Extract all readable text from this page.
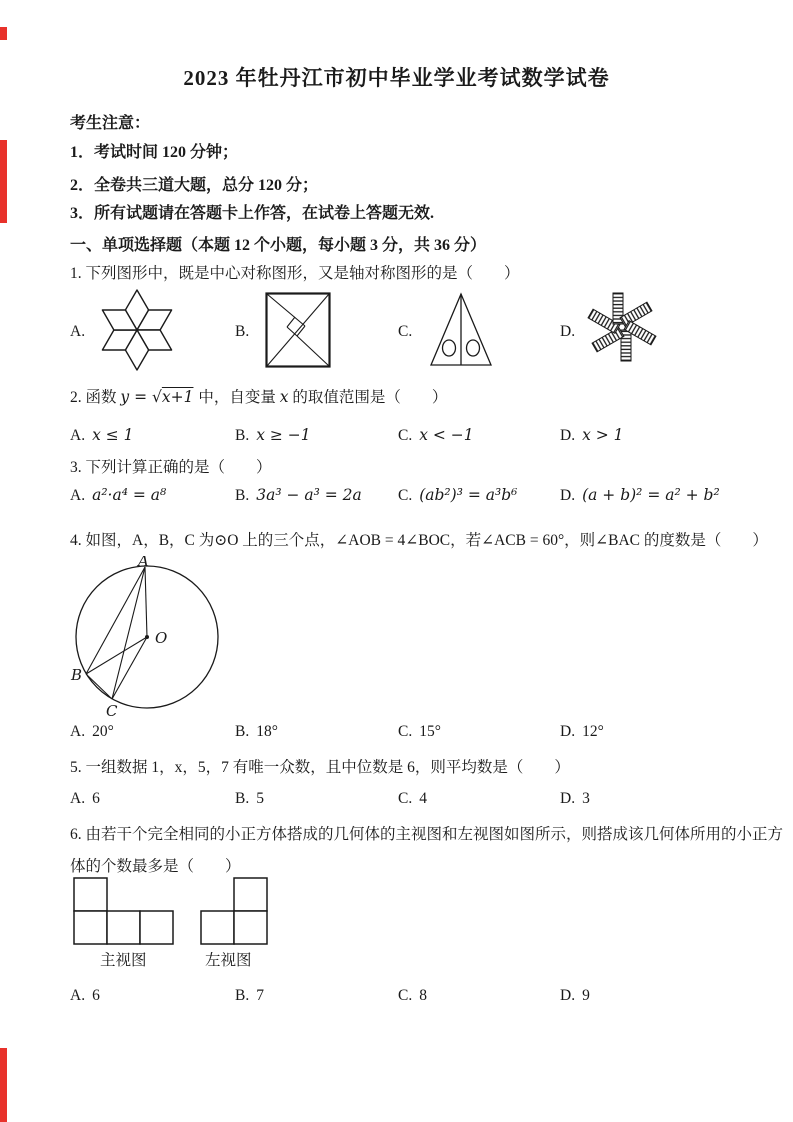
2023 年牡丹江市初中毕业学业考试数学试卷
考生注意：
1．考试时间 120 分钟；
2．全卷共三道大题，总分 120 分；
3．所有试题请在答题卡上作答，在试卷上答题无效.
一、单项选择题（本题 12 个小题，每小题 3 分，共 36 分）
1. 下列图形中，既是中心对称图形，又是轴对称图形的是（　　）
A.	B.	C.	D.
2. 函数 y = √x+1 中，自变量 x 的取值范围是（　　）
A. x ≤ 1	B. x ≥ −1	C. x < −1	D. x > 1
3. 下列计算正确的是（　　）
A. a²·a⁴ = a⁸	B. 3a³ − a³ = 2a C. (ab²)³ = a³b⁶	D. (a + b)² = a² + b²
4. 如图，A，B，C 为⊙O 上的三个点，∠AOB = 4∠BOC，若∠ACB = 60°，则∠BAC 的度数是（　　）
A
O
B
C
A. 20°	B. 18°	C. 15°	D. 12°
5. 一组数据 1，x，5，7 有唯一众数，且中位数是 6，则平均数是（　　）
A. 6	B. 5	C. 4	D. 3
6. 由若干个完全相同的小正方体搭成的几何体的主视图和左视图如图所示，则搭成该几何体所用的小正方
体的个数最多是（　　）
主视图	左视图
A. 6	B. 7	C. 8	D. 9
